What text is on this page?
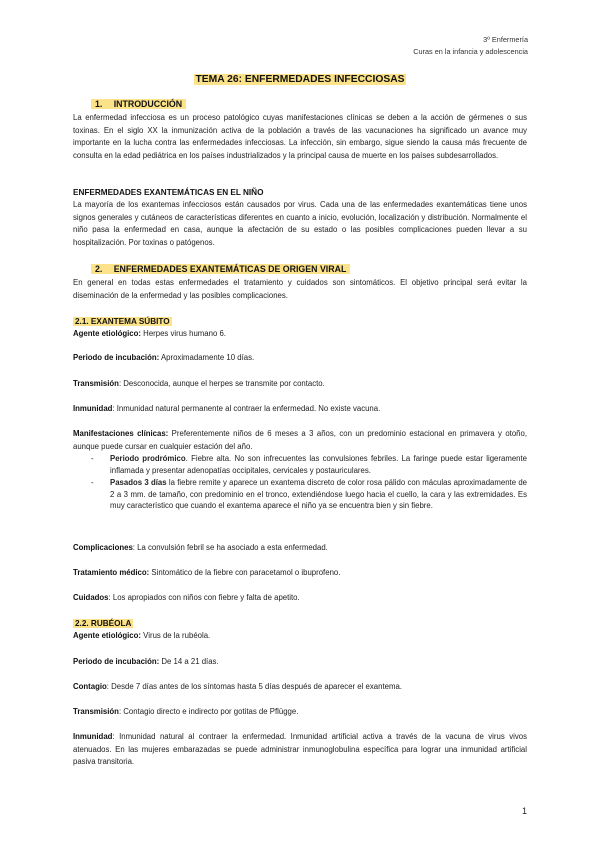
3º Enfermería
Curas en la infancia y adolescencia
TEMA 26: ENFERMEDADES INFECCIOSAS
1. INTRODUCCIÓN
La enfermedad infecciosa es un proceso patológico cuyas manifestaciones clínicas se deben a la acción de gérmenes o sus toxinas. En el siglo XX la inmunización activa de la población a través de las vacunaciones ha significado un avance muy importante en la lucha contra las enfermedades infecciosas. La infección, sin embargo, sigue siendo la causa más frecuente de consulta en la edad pediátrica en los países industrializados y la principal causa de muerte en los países subdesarrollados.
ENFERMEDADES EXANTEMÁTICAS EN EL NIÑO
La mayoría de los exantemas infecciosos están causados por virus. Cada una de las enfermedades exantemáticas tiene unos signos generales y cutáneos de características diferentes en cuanto a inicio, evolución, localización y distribución. Normalmente el niño pasa la enfermedad en casa, aunque la afectación de su estado o las posibles complicaciones pueden llevar a su hospitalización. Por toxinas o patógenos.
2. ENFERMEDADES EXANTEMÁTICAS DE ORIGEN VIRAL
En general en todas estas enfermedades el tratamiento y cuidados son sintomáticos. El objetivo principal será evitar la diseminación de la enfermedad y las posibles complicaciones.
2.1. EXANTEMA SÚBITO
Agente etiológico: Herpes virus humano 6.
Periodo de incubación: Aproximadamente 10 días.
Transmisión: Desconocida, aunque el herpes se transmite por contacto.
Inmunidad: Inmunidad natural permanente al contraer la enfermedad. No existe vacuna.
Manifestaciones clínicas: Preferentemente niños de 6 meses a 3 años, con un predominio estacional en primavera y otoño, aunque puede cursar en cualquier estación del año.
- Periodo prodrómico. Fiebre alta. No son infrecuentes las convulsiones febriles. La faringe puede estar ligeramente inflamada y presentar adenopatías occipitales, cervicales y postauriculares.
- Pasados 3 días la fiebre remite y aparece un exantema discreto de color rosa pálido con máculas aproximadamente de 2 a 3 mm. de tamaño, con predominio en el tronco, extendiéndose luego hacia el cuello, la cara y las extremidades. Es muy característico que cuando el exantema aparece el niño ya se encuentra bien y sin fiebre.
Complicaciones: La convulsión febril se ha asociado a esta enfermedad.
Tratamiento médico: Sintomático de la fiebre con paracetamol o ibuprofeno.
Cuidados: Los apropiados con niños con fiebre y falta de apetito.
2.2. RUBÉOLA
Agente etiológico: Virus de la rubéola.
Periodo de incubación: De 14 a 21 días.
Contagio: Desde 7 días antes de los síntomas hasta 5 días después de aparecer el exantema.
Transmisión: Contagio directo e indirecto por gotitas de Pflügge.
Inmunidad: Inmunidad natural al contraer la enfermedad. Inmunidad artificial activa a través de la vacuna de virus vivos atenuados. En las mujeres embarazadas se puede administrar inmunoglobulina específica para lograr una inmunidad artificial pasiva transitoria.
1
